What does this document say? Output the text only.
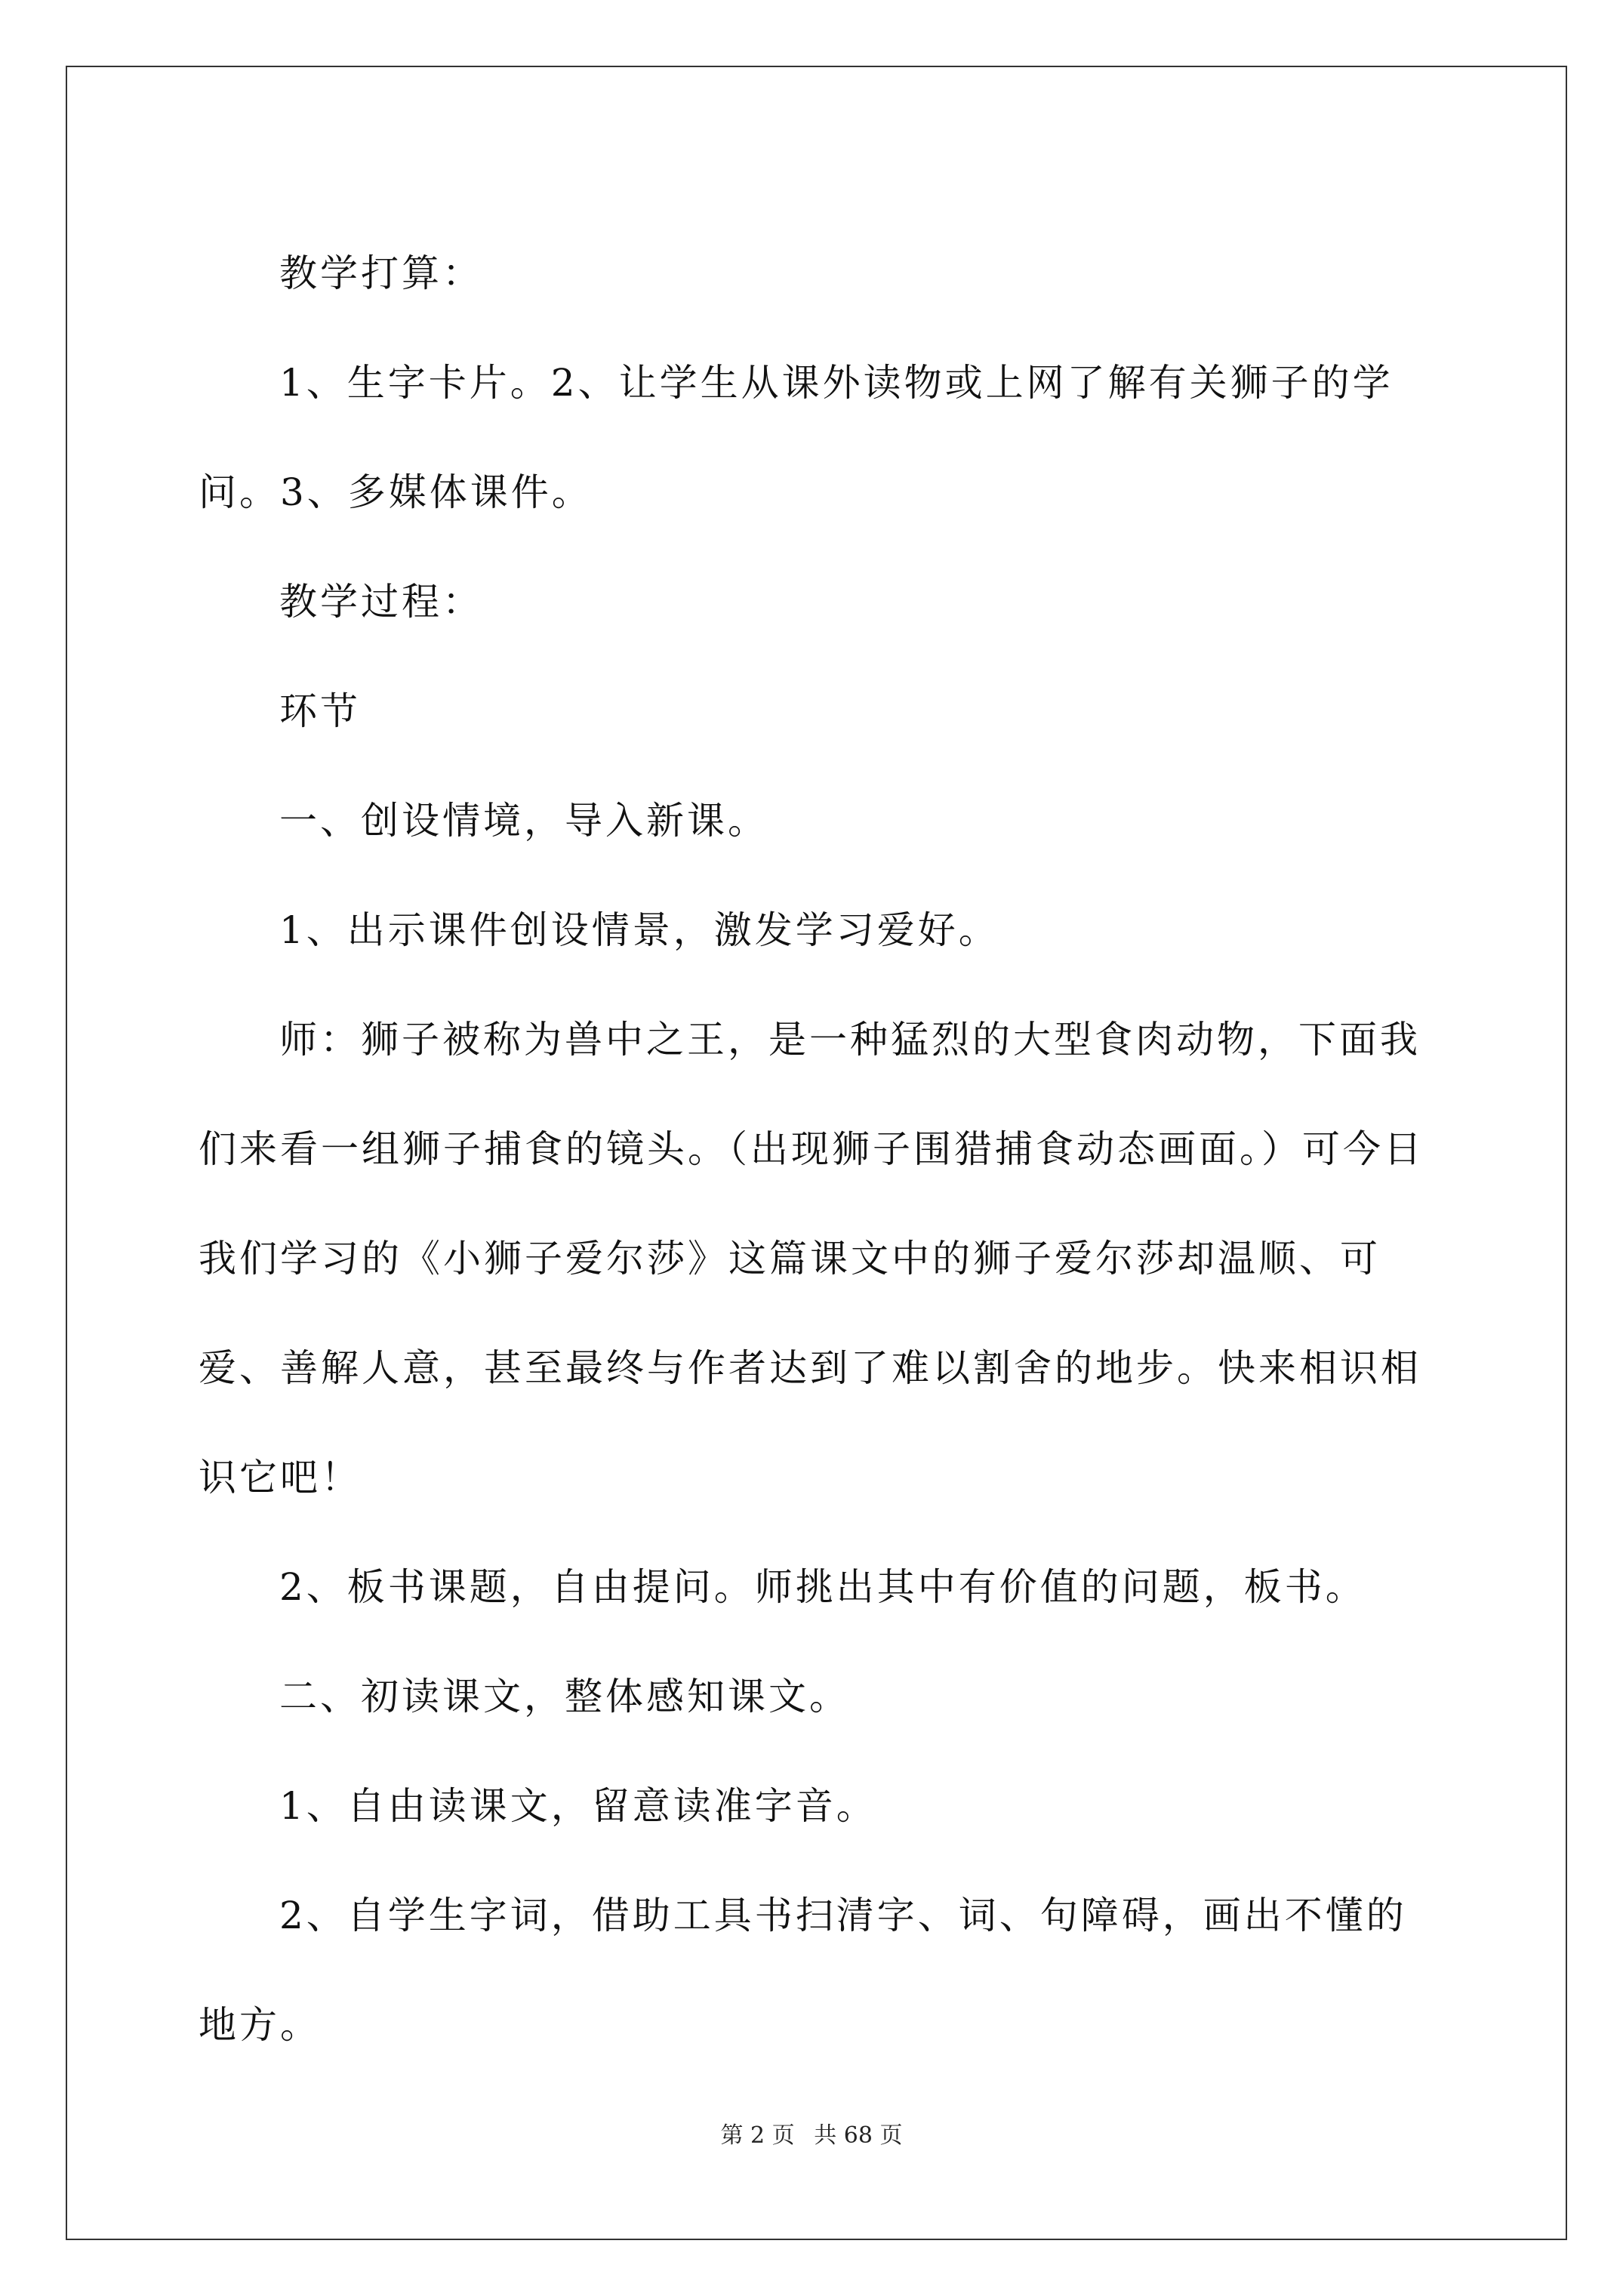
教学打算：

1、生字卡片。2、让学生从课外读物或上网了解有关狮子的学问。3、多媒体课件。

教学过程：

环节

一、创设情境，导入新课。

1、出示课件创设情景，激发学习爱好。

师：狮子被称为兽中之王，是一种猛烈的大型食肉动物，下面我们来看一组狮子捕食的镜头。（出现狮子围猎捕食动态画面。）可今日我们学习的《小狮子爱尔莎》这篇课文中的狮子爱尔莎却温顺、可爱、善解人意，甚至最终与作者达到了难以割舍的地步。快来相识相识它吧！

2、板书课题，自由提问。师挑出其中有价值的问题，板书。

二、初读课文，整体感知课文。

1、自由读课文，留意读准字音。

2、自学生字词，借助工具书扫清字、词、句障碍，画出不懂的地方。

第 2 页 共 68 页
